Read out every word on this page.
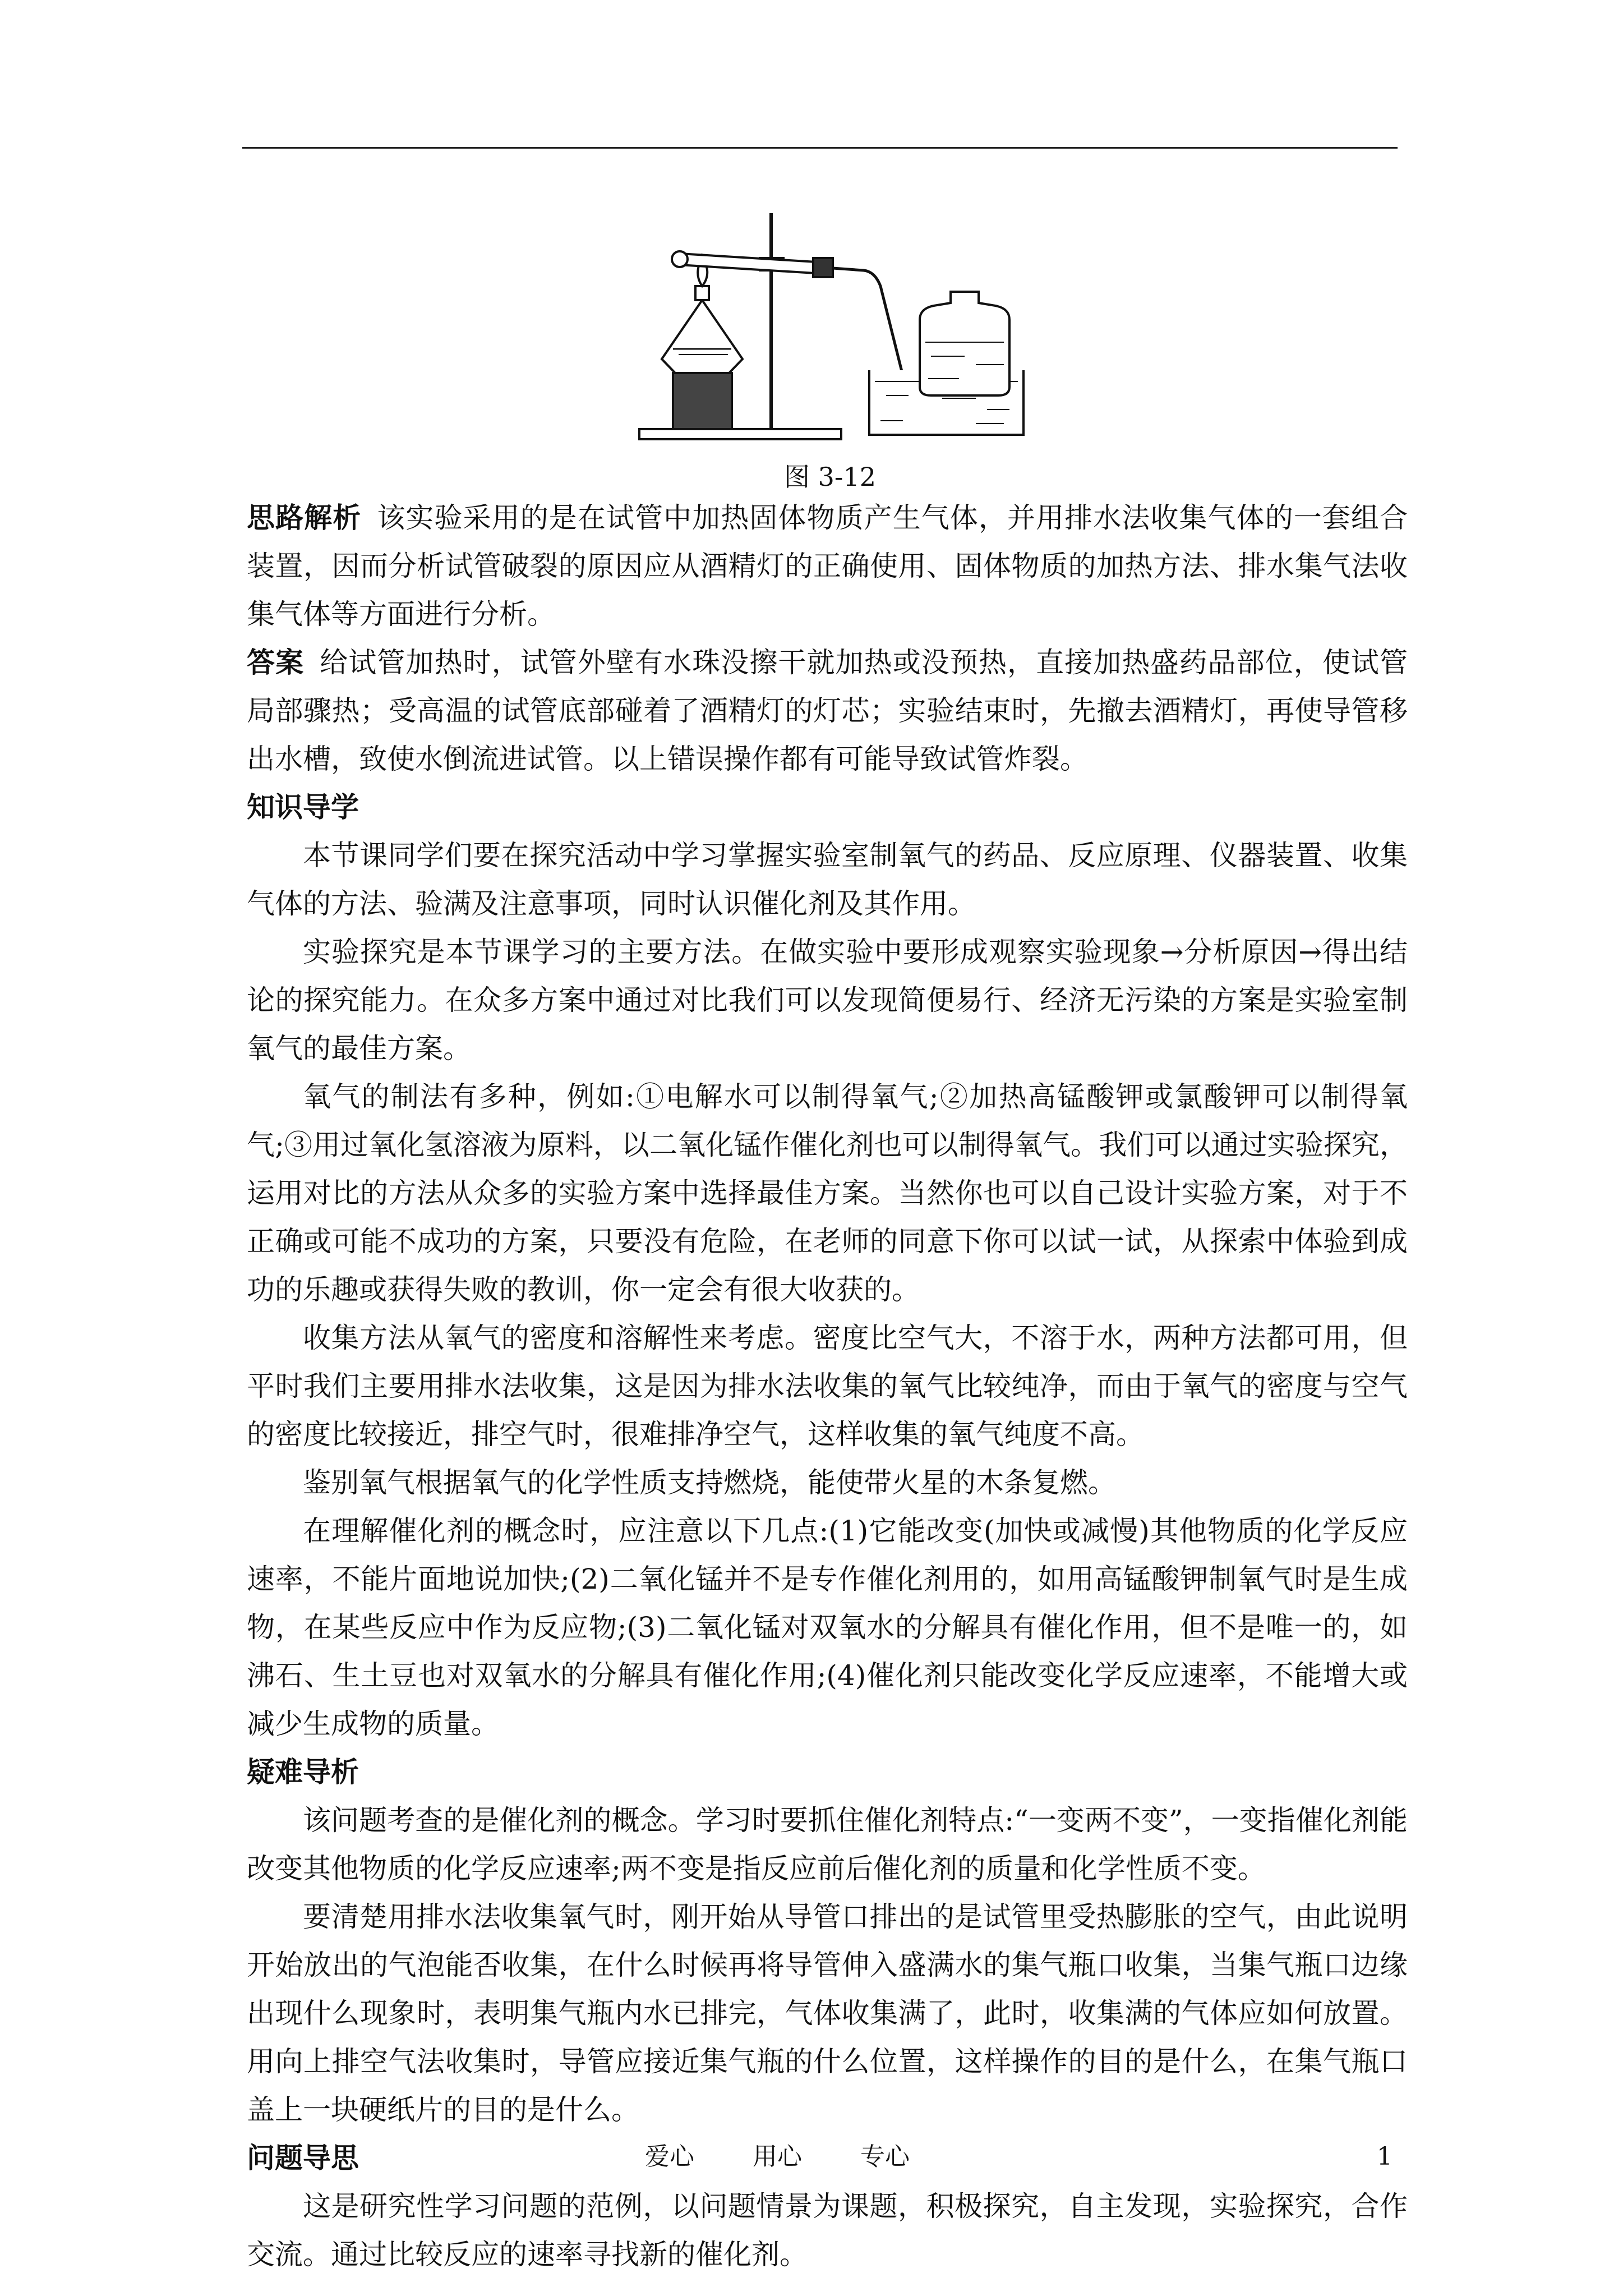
图 3-12

思路解析 该实验采用的是在试管中加热固体物质产生气体，并用排水法收集气体的一套组合装置，因而分析试管破裂的原因应从酒精灯的正确使用、固体物质的加热方法、排水集气法收集气体等方面进行分析。

答案 给试管加热时，试管外壁有水珠没擦干就加热或没预热，直接加热盛药品部位，使试管局部骤热；受高温的试管底部碰着了酒精灯的灯芯；实验结束时，先撤去酒精灯，再使导管移出水槽，致使水倒流进试管。以上错误操作都有可能导致试管炸裂。

知识导学

本节课同学们要在探究活动中学习掌握实验室制氧气的药品、反应原理、仪器装置、收集气体的方法、验满及注意事项，同时认识催化剂及其作用。

实验探究是本节课学习的主要方法。在做实验中要形成观察实验现象→分析原因→得出结论的探究能力。在众多方案中通过对比我们可以发现简便易行、经济无污染的方案是实验室制氧气的最佳方案。

氧气的制法有多种，例如:①电解水可以制得氧气;②加热高锰酸钾或氯酸钾可以制得氧气;③用过氧化氢溶液为原料，以二氧化锰作催化剂也可以制得氧气。我们可以通过实验探究，运用对比的方法从众多的实验方案中选择最佳方案。当然你也可以自己设计实验方案，对于不正确或可能不成功的方案，只要没有危险，在老师的同意下你可以试一试，从探索中体验到成功的乐趣或获得失败的教训，你一定会有很大收获的。

收集方法从氧气的密度和溶解性来考虑。密度比空气大，不溶于水，两种方法都可用，但平时我们主要用排水法收集，这是因为排水法收集的氧气比较纯净，而由于氧气的密度与空气的密度比较接近，排空气时，很难排净空气，这样收集的氧气纯度不高。

鉴别氧气根据氧气的化学性质支持燃烧，能使带火星的木条复燃。

在理解催化剂的概念时，应注意以下几点:(1)它能改变(加快或减慢)其他物质的化学反应速率，不能片面地说加快;(2)二氧化锰并不是专作催化剂用的，如用高锰酸钾制氧气时是生成物，在某些反应中作为反应物;(3)二氧化锰对双氧水的分解具有催化作用，但不是唯一的，如沸石、生土豆也对双氧水的分解具有催化作用;(4)催化剂只能改变化学反应速率，不能增大或减少生成物的质量。

疑难导析

该问题考查的是催化剂的概念。学习时要抓住催化剂特点:“一变两不变”，一变指催化剂能改变其他物质的化学反应速率;两不变是指反应前后催化剂的质量和化学性质不变。

要清楚用排水法收集氧气时，刚开始从导管口排出的是试管里受热膨胀的空气，由此说明开始放出的气泡能否收集，在什么时候再将导管伸入盛满水的集气瓶口收集，当集气瓶口边缘出现什么现象时，表明集气瓶内水已排完，气体收集满了，此时，收集满的气体应如何放置。用向上排空气法收集时，导管应接近集气瓶的什么位置，这样操作的目的是什么，在集气瓶口盖上一块硬纸片的目的是什么。

问题导思

这是研究性学习问题的范例，以问题情景为课题，积极探究，自主发现，实验探究，合作交流。通过比较反应的速率寻找新的催化剂。

爱心 用心 专心	1
